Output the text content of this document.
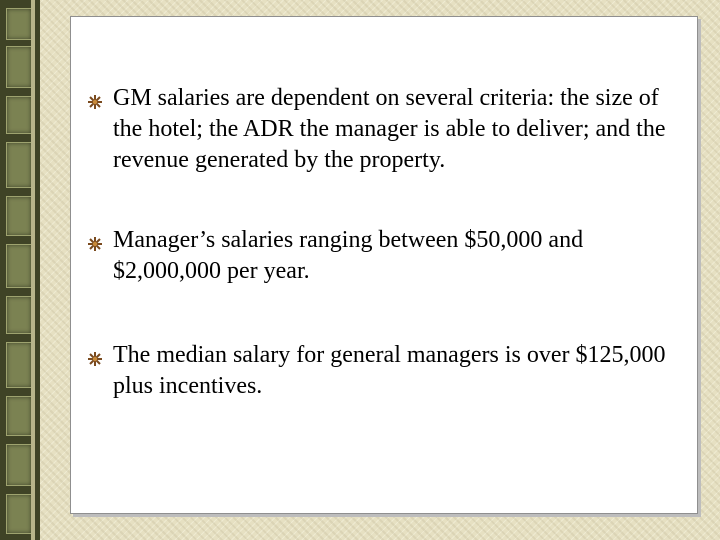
GM salaries are dependent on several criteria: the size of the hotel; the ADR the manager is able to deliver; and the revenue generated by the property.
Manager’s salaries ranging between $50,000 and $2,000,000 per year.
The median salary for general managers is over $125,000 plus incentives.
